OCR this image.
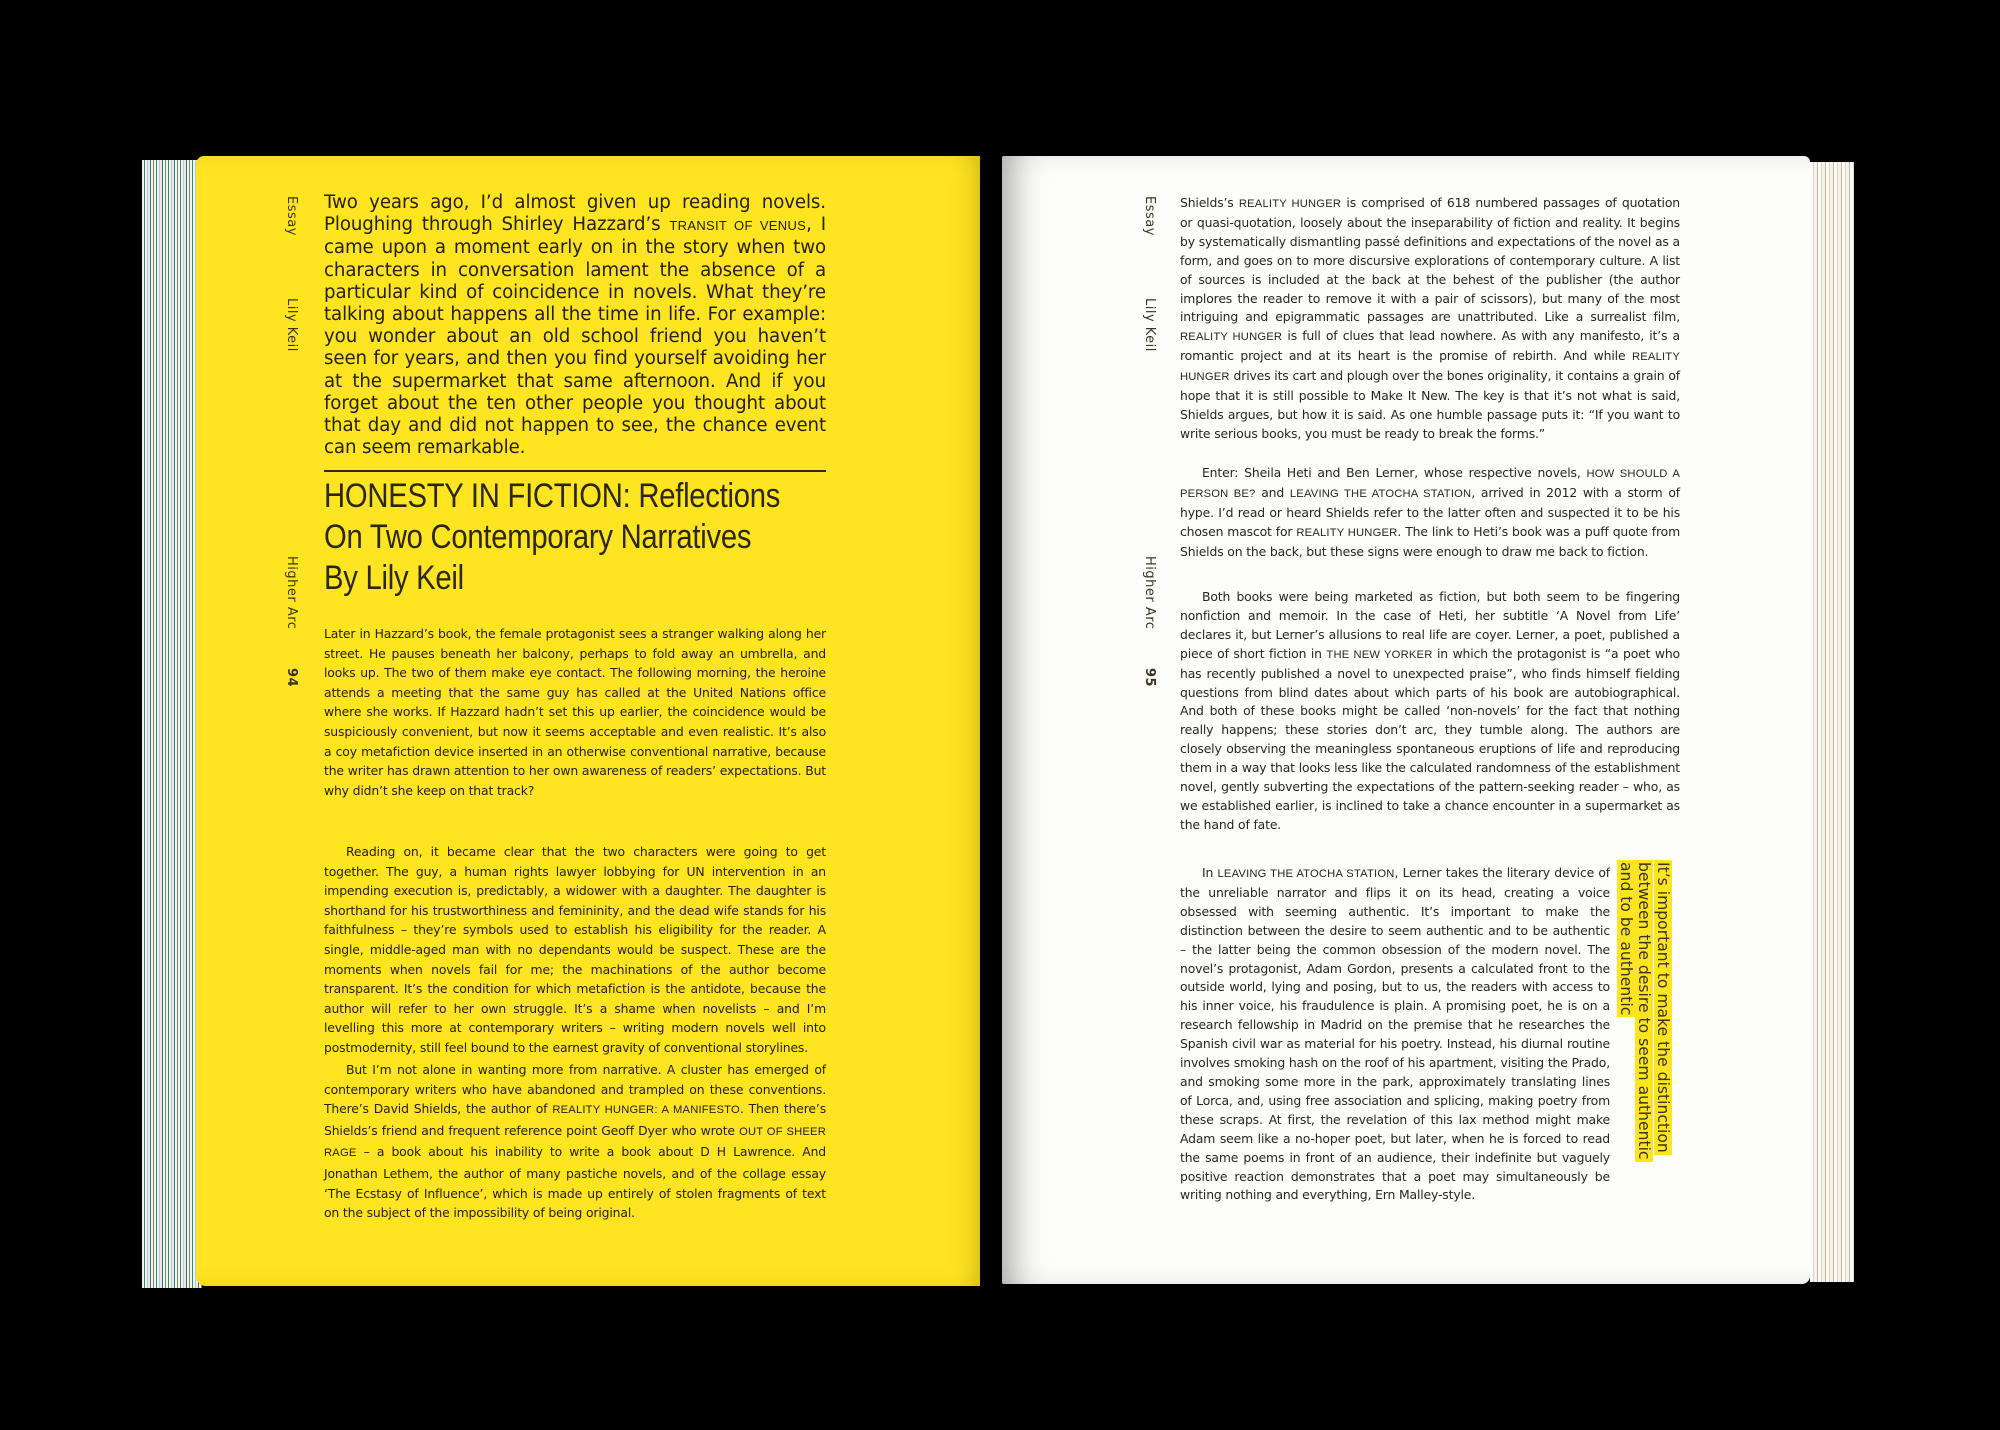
Essay
Lily Keil
Higher Arc
94
Two years ago, I’d almost given up reading novels. Ploughing through Shirley Hazzard’s TRANSIT OF VENUS, I came upon a moment early on in the story when two characters in conversation lament the absence of a particular kind of coincidence in novels. What they’re talking about happens all the time in life. For example: you wonder about an old school friend you haven’t seen for years, and then you find yourself avoiding her at the supermarket that same afternoon. And if you forget about the ten other people you thought about that day and did not happen to see, the chance event can seem remarkable.
HONESTY IN FICTION: Reflections
On Two Contemporary Narratives
By Lily Keil
Later in Hazzard’s book, the female protagonist sees a stranger walking along her street. He pauses beneath her balcony, perhaps to fold away an umbrella, and looks up. The two of them make eye contact. The following morning, the heroine attends a meeting that the same guy has called at the United Nations office where she works. If Hazzard hadn’t set this up earlier, the coincidence would be suspiciously convenient, but now it seems acceptable and even realistic. It’s also a coy metafiction device inserted in an otherwise conventional narrative, because the writer has drawn attention to her own awareness of readers’ expectations. But why didn’t she keep on that track?
Reading on, it became clear that the two characters were going to get together. The guy, a human rights lawyer lobbying for UN intervention in an impending execution is, predictably, a widower with a daughter. The daughter is shorthand for his trustworthiness and femininity, and the dead wife stands for his faithfulness – they’re symbols used to establish his eligibility for the reader. A single, middle-aged man with no dependants would be suspect. These are the moments when novels fail for me; the machinations of the author become transparent. It’s the condition for which metafiction is the antidote, because the author will refer to her own struggle. It’s a shame when novelists – and I’m levelling this more at contemporary writers – writing modern novels well into postmodernity, still feel bound to the earnest gravity of conventional storylines.
But I’m not alone in wanting more from narrative. A cluster has emerged of contemporary writers who have abandoned and trampled on these conventions. There’s David Shields, the author of REALITY HUNGER: A MANIFESTO. Then there’s Shields’s friend and frequent reference point Geoff Dyer who wrote OUT OF SHEER RAGE – a book about his inability to write a book about D H Lawrence. And Jonathan Lethem, the author of many pastiche novels, and of the collage essay ‘The Ecstasy of Influence’, which is made up entirely of stolen fragments of text on the subject of the impossibility of being original.
Essay
Lily Keil
Higher Arc
95
Shields’s REALITY HUNGER is comprised of 618 numbered passages of quotation or quasi-quotation, loosely about the inseparability of fiction and reality. It begins by systematically dismantling passé definitions and expectations of the novel as a form, and goes on to more discursive explorations of contemporary culture. A list of sources is included at the back at the behest of the publisher (the author implores the reader to remove it with a pair of scissors), but many of the most intriguing and epigrammatic passages are unattributed. Like a surrealist film, REALITY HUNGER is full of clues that lead nowhere. As with any manifesto, it’s a romantic project and at its heart is the promise of rebirth. And while REALITY HUNGER drives its cart and plough over the bones originality, it contains a grain of hope that it is still possible to Make It New. The key is that it’s not what is said, Shields argues, but how it is said. As one humble passage puts it: “If you want to write serious books, you must be ready to break the forms.”
Enter: Sheila Heti and Ben Lerner, whose respective novels, HOW SHOULD A PERSON BE? and LEAVING THE ATOCHA STATION, arrived in 2012 with a storm of hype. I’d read or heard Shields refer to the latter often and suspected it to be his chosen mascot for REALITY HUNGER. The link to Heti’s book was a puff quote from Shields on the back, but these signs were enough to draw me back to fiction.
Both books were being marketed as fiction, but both seem to be fingering nonfiction and memoir. In the case of Heti, her subtitle ‘A Novel from Life’ declares it, but Lerner’s allusions to real life are coyer. Lerner, a poet, published a piece of short fiction in THE NEW YORKER in which the protagonist is “a poet who has recently published a novel to unexpected praise”, who finds himself fielding questions from blind dates about which parts of his book are autobiographical. And both of these books might be called ‘non-novels’ for the fact that nothing really happens; these stories don’t arc, they tumble along. The authors are closely observing the meaningless spontaneous eruptions of life and reproducing them in a way that looks less like the calculated randomness of the establishment novel, gently subverting the expectations of the pattern-seeking reader – who, as we established earlier, is inclined to take a chance encounter in a supermarket as the hand of fate.
In LEAVING THE ATOCHA STATION, Lerner takes the literary device of the unreliable narrator and flips it on its head, creating a voice obsessed with seeming authentic. It’s important to make the distinction between the desire to seem authentic and to be authentic – the latter being the common obsession of the modern novel. The novel’s protagonist, Adam Gordon, presents a calculated front to the outside world, lying and posing, but to us, the readers with access to his inner voice, his fraudulence is plain. A promising poet, he is on a research fellowship in Madrid on the premise that he researches the Spanish civil war as material for his poetry. Instead, his diurnal routine involves smoking hash on the roof of his apartment, visiting the Prado, and smoking some more in the park, approximately translating lines of Lorca, and, using free association and splicing, making poetry from these scraps. At first, the revelation of this lax method might make Adam seem like a no-hoper poet, but later, when he is forced to read the same poems in front of an audience, their indefinite but vaguely positive reaction demonstrates that a poet may simultaneously be writing nothing and everything, Ern Malley-style.
It’s important to make the distinction
between the desire to seem authentic
and to be authentic
